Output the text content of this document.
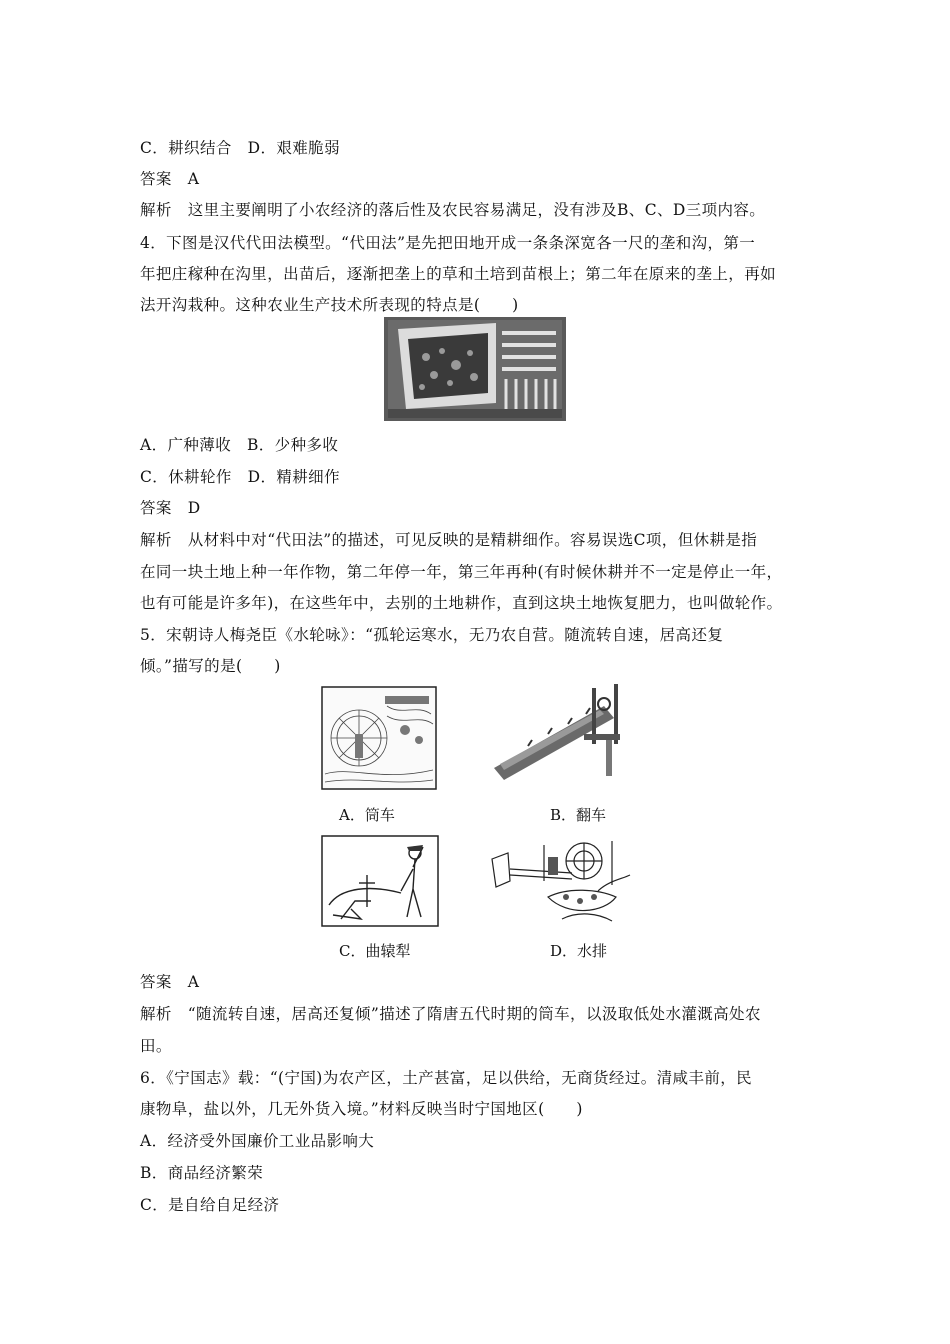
C．耕织结合　D．艰难脆弱
答案　A
解析　这里主要阐明了小农经济的落后性及农民容易满足，没有涉及B、C、D三项内容。
4．下图是汉代代田法模型。“代田法”是先把田地开成一条条深宽各一尺的垄和沟，第一
年把庄稼种在沟里，出苗后，逐渐把垄上的草和土培到苗根上；第二年在原来的垄上，再如
法开沟栽种。这种农业生产技术所表现的特点是(　　)
A．广种薄收　B．少种多收
C．休耕轮作　D．精耕细作
答案　D
解析　从材料中对“代田法”的描述，可见反映的是精耕细作。容易误选C项，但休耕是指
在同一块土地上种一年作物，第二年停一年，第三年再种(有时候休耕并不一定是停止一年，
也有可能是许多年)，在这些年中，去别的土地耕作，直到这块土地恢复肥力，也叫做轮作。
5．宋朝诗人梅尧臣《水轮咏》：“孤轮运寒水，无乃农自营。随流转自速，居高还复
倾。”描写的是(　　)
A．筒车	B．翻车
C．曲辕犁	D．水排
答案　A
解析　“随流转自速，居高还复倾”描述了隋唐五代时期的筒车，以汲取低处水灌溉高处农
田。
6．《宁国志》载：“(宁国)为农产区，土产甚富，足以供给，无商货经过。清咸丰前，民
康物阜，盐以外，几无外货入境。”材料反映当时宁国地区(　　)
A．经济受外国廉价工业品影响大
B．商品经济繁荣
C．是自给自足经济
